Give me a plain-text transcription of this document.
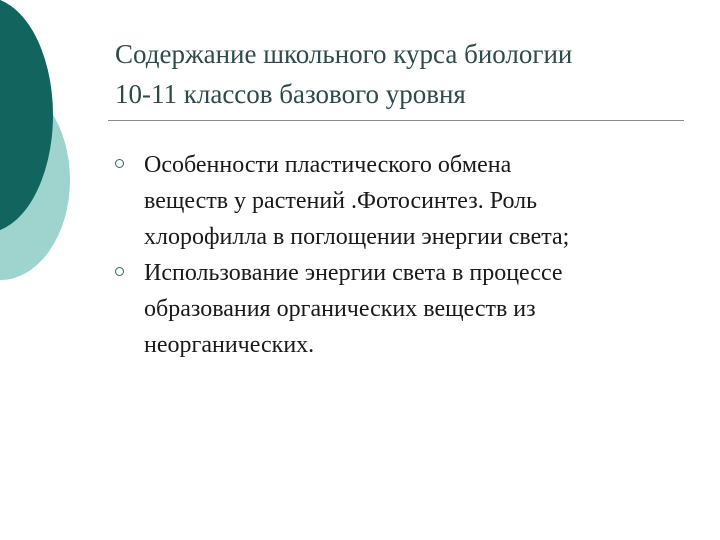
Содержание школьного курса биологии
10-11 классов базового уровня
Особенности пластического обмена
веществ у растений .Фотосинтез. Роль
хлорофилла в поглощении энергии света;
Использование энергии света в процессе
образования органических веществ из
неорганических.
